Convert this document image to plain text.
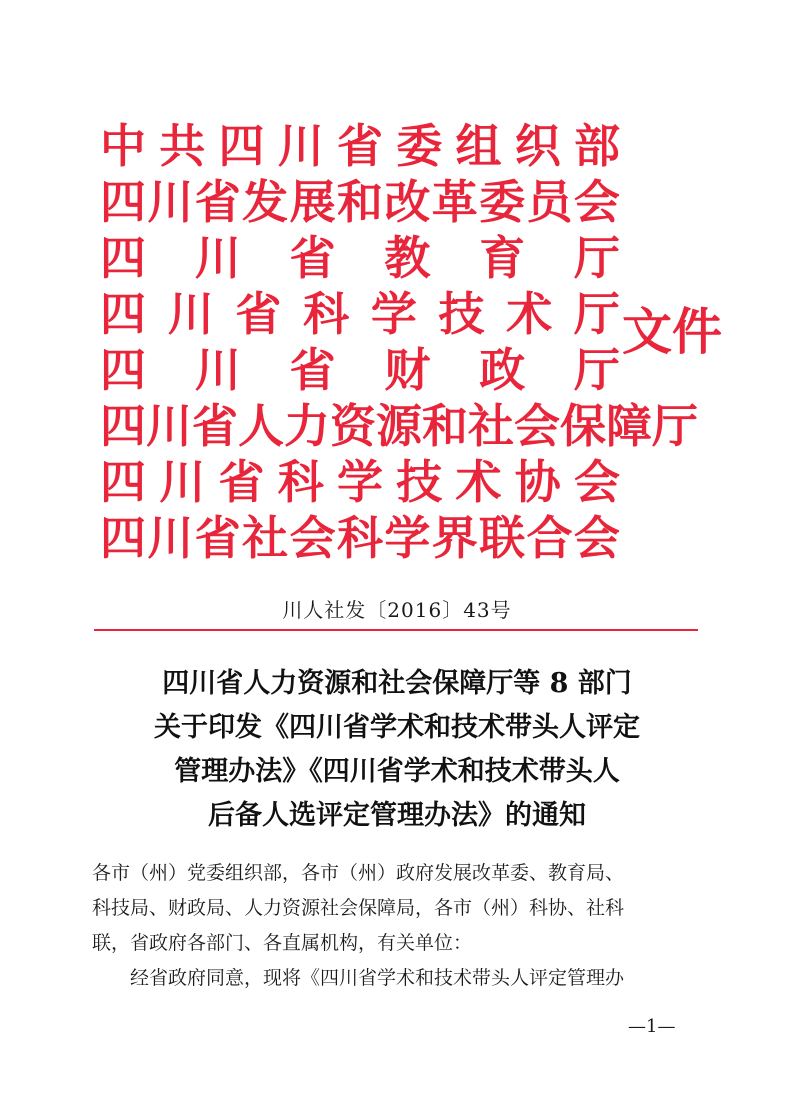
中 共 四 川 省 委 组 织 部
四 川 省 发 展 和 改 革 委 员 会
四 川 省 教 育 厅
四 川 省 科 学 技 术 厅
四 川 省 财 政 厅
四 川 省 人 力 资 源 和 社 会 保 障 厅
四 川 省 科 学 技 术 协 会
四 川 省 社 会 科 学 界 联 合 会
文件
川人社发〔2016〕43号
四川省人力资源和社会保障厅等 8 部门
关于印发《四川省学术和技术带头人评定
管理办法》《四川省学术和技术带头人
后备人选评定管理办法》的通知
各市（州）党委组织部，各市（州）政府发展改革委、教育局、
科技局、财政局、人力资源社会保障局，各市（州）科协、社科
联，省政府各部门、各直属机构，有关单位：
经省政府同意，现将《四川省学术和技术带头人评定管理办
—1—
